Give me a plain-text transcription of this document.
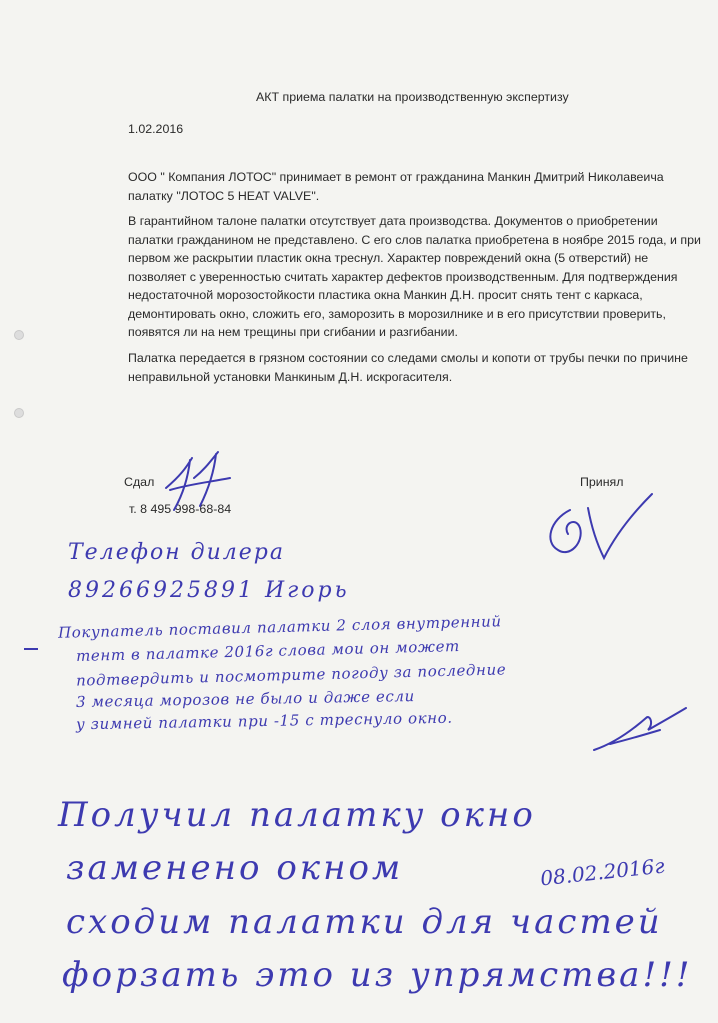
АКТ приема палатки на производственную экспертизу
1.02.2016
ООО " Компания ЛОТОС" принимает в ремонт от гражданина Манкин Дмитрий Николавеича
палатку "ЛОТОС 5 HEAT VALVE".
В гарантийном талоне палатки отсутствует дата производства. Документов о приобретении
палатки гражданином не представлено. С его слов палатка приобретена в ноябре 2015 года, и при
первом же раскрытии пластик окна треснул. Характер повреждений окна (5 отверстий) не
позволяет с уверенностью считать характер дефектов производственным. Для подтверждения
недостаточной морозостойкости пластика окна Манкин Д.Н. просит снять тент с каркаса,
демонтировать окно, сложить его, заморозить в морозилнике и в его присутствии проверить,
появятся ли на нем трещины при сгибании и разгибании.
Палатка передается в грязном состоянии со следами смолы и копоти от трубы печки по причине
неправильной установки Манкиным Д.Н. искрогасителя.
Сдал
т. 8 495 998-68-84
Принял
Телефон дилера
89266925891 Игорь
Покупатель поставил палатки 2 слоя внутренний
тент в палатке 2016г слова мои он может
подтвердить и посмотрите погоду за последние
3 месяца морозов не было и даже если
у зимней палатки при -15 с треснуло окно.
Получил палатку окно
заменено окном
сходим палатки для частей
форзать это из упрямства!!!
08.02.2016г
